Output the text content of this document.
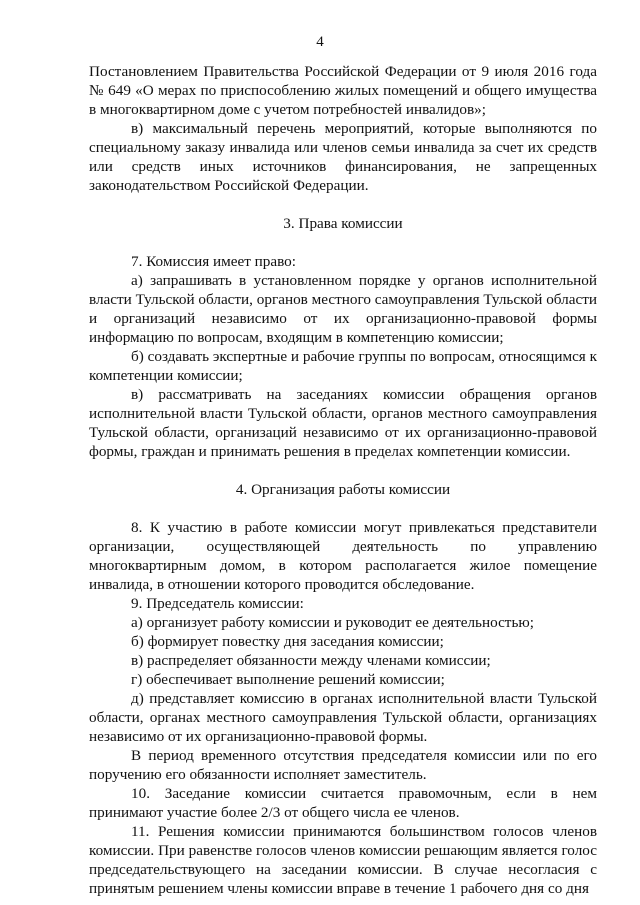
4

Постановлением Правительства Российской Федерации от 9 июля 2016 года № 649 «О мерах по приспособлению жилых помещений и общего имущества в многоквартирном доме с учетом потребностей инвалидов»;

в) максимальный перечень мероприятий, которые выполняются по специальному заказу инвалида или членов семьи инвалида за счет их средств или средств иных источников финансирования, не запрещенных законодательством Российской Федерации.

3. Права комиссии

7. Комиссия имеет право:

а) запрашивать в установленном порядке у органов исполнительной власти Тульской области, органов местного самоуправления Тульской области и организаций независимо от их организационно-правовой формы информацию по вопросам, входящим в компетенцию комиссии;

б) создавать экспертные и рабочие группы по вопросам, относящимся к компетенции комиссии;

в) рассматривать на заседаниях комиссии обращения органов исполнительной власти Тульской области, органов местного самоуправления Тульской области, организаций независимо от их организационно-правовой формы, граждан и принимать решения в пределах компетенции комиссии.

4. Организация работы комиссии

8. К участию в работе комиссии могут привлекаться представители организации, осуществляющей деятельность по управлению многоквартирным домом, в котором располагается жилое помещение инвалида, в отношении которого проводится обследование.

9. Председатель комиссии:

а) организует работу комиссии и руководит ее деятельностью;

б) формирует повестку дня заседания комиссии;

в) распределяет обязанности между членами комиссии;

г) обеспечивает выполнение решений комиссии;

д) представляет комиссию в органах исполнительной власти Тульской области, органах местного самоуправления Тульской области, организациях независимо от их организационно-правовой формы.

В период временного отсутствия председателя комиссии или по его поручению его обязанности исполняет заместитель.

10. Заседание комиссии считается правомочным, если в нем принимают участие более 2/3 от общего числа ее членов.

11. Решения комиссии принимаются большинством голосов членов комиссии. При равенстве голосов членов комиссии решающим является голос председательствующего на заседании комиссии. В случае несогласия с принятым решением члены комиссии вправе в течение 1 рабочего дня со дня
